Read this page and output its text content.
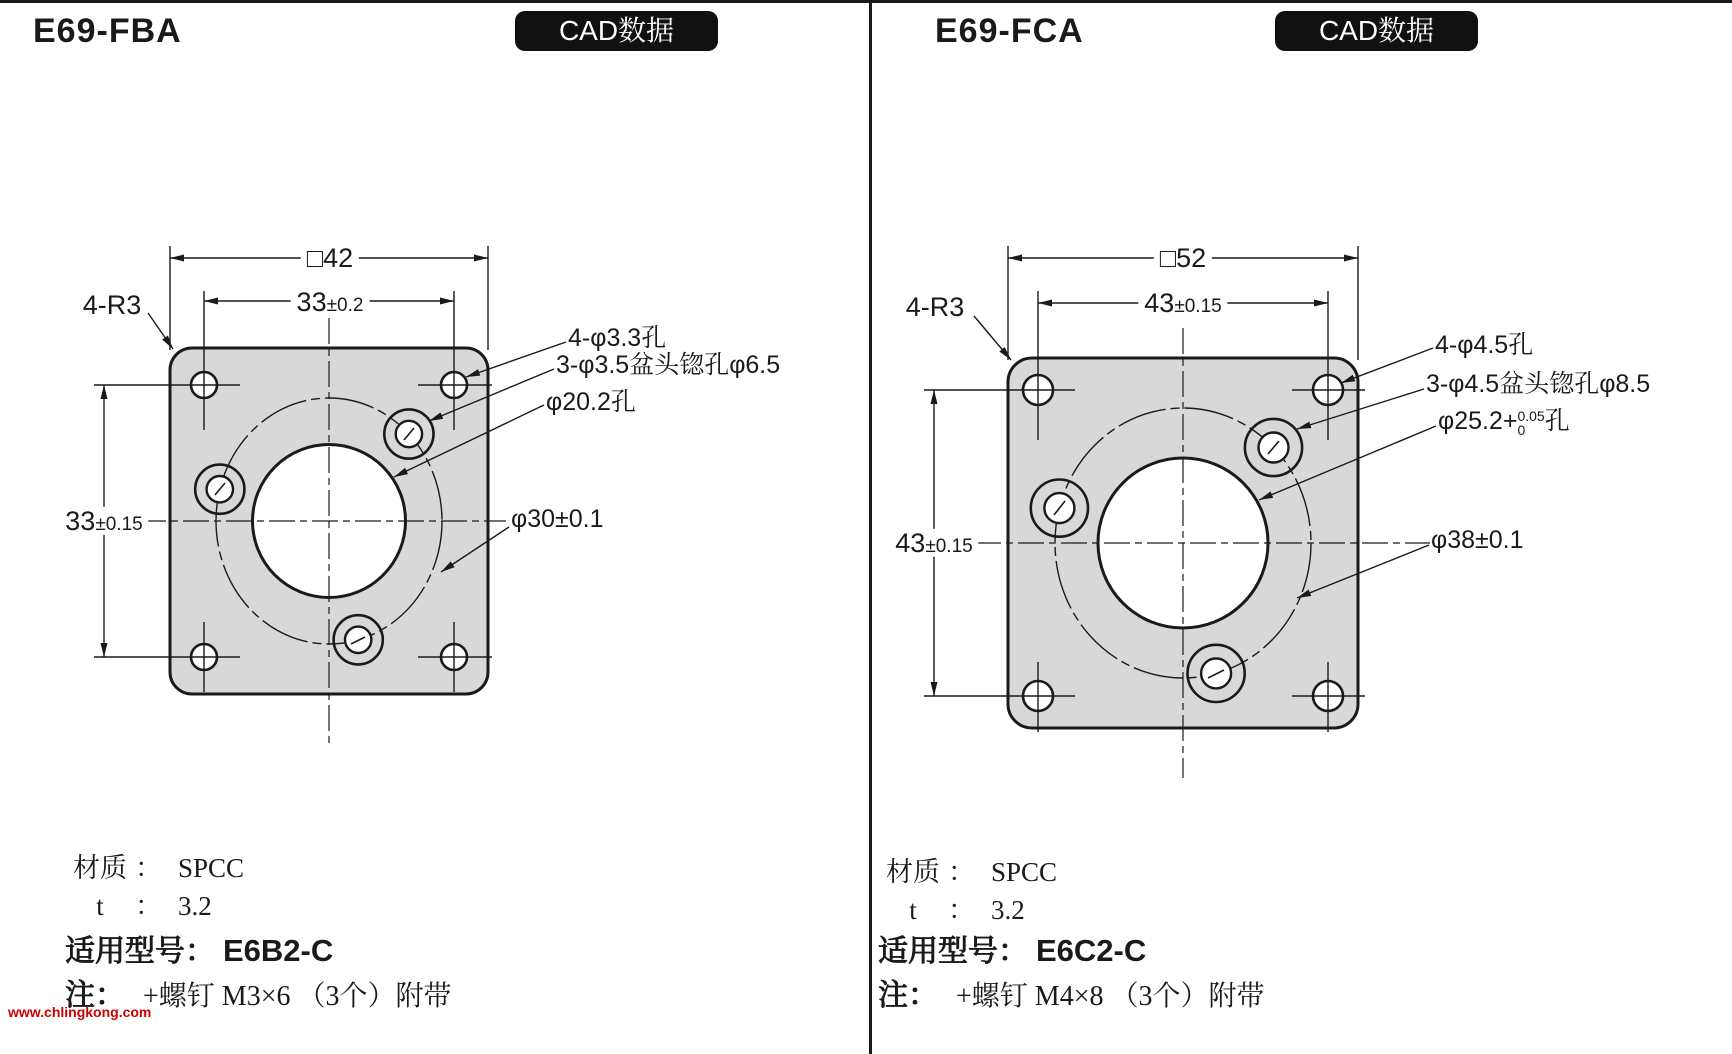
E69-FBA	CAD数据
□42
33±0.2
33±0.15
4-R3
4-φ3.3孔
3-φ3.5盆头锪孔φ6.5
φ20.2孔
φ30±0.1
材质 ： SPCC
t ： 3.2
适用型号： E6B2-C
注： +螺钉 M3×6 （3个）附带
E69-FCA	CAD数据
□52
43±0.15
43±0.15
4-R3
4-φ4.5孔
3-φ4.5盆头锪孔φ8.5
φ25.2+ 0.05
0 孔
φ38±0.1
材质 ： SPCC
t ： 3.2
适用型号： E6C2-C
注： +螺钉 M4×8 （3个）附带
www.chlingkong.com
